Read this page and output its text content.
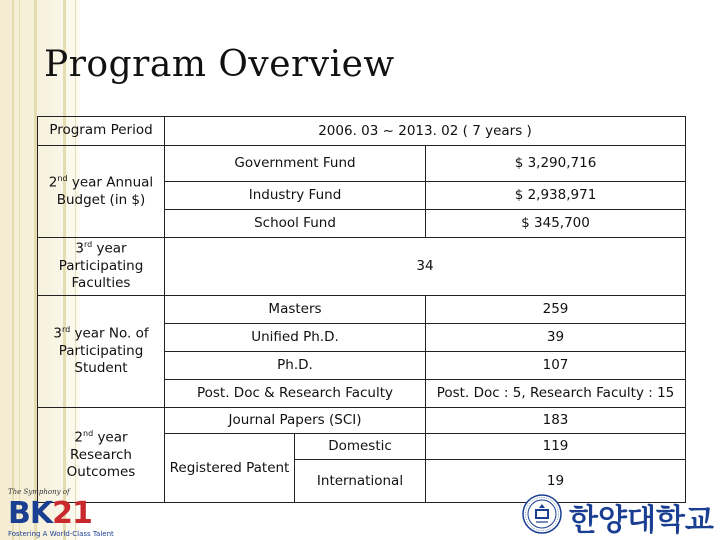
Program Overview
Program Period	2006. 03 ~ 2013. 02 ( 7 years )		
2nd year Annual Budget (in $)	Government Fund		$ 3,290,716
	Industry Fund		$ 2,938,971
	School Fund		$ 345,700
3rd year Participating Faculties	34		
3rd year No. of Participating Student	Masters		259
	Unified Ph.D.		39
	Ph.D.		107
	Post. Doc & Research Faculty		Post. Doc : 5, Research Faculty : 15
2nd year Research Outcomes	Journal Papers (SCI)		183
	Registered Patent	Domestic	119
		International	19
The Symphony of
BK21
Fostering A World-Class Talent	한양대학교
